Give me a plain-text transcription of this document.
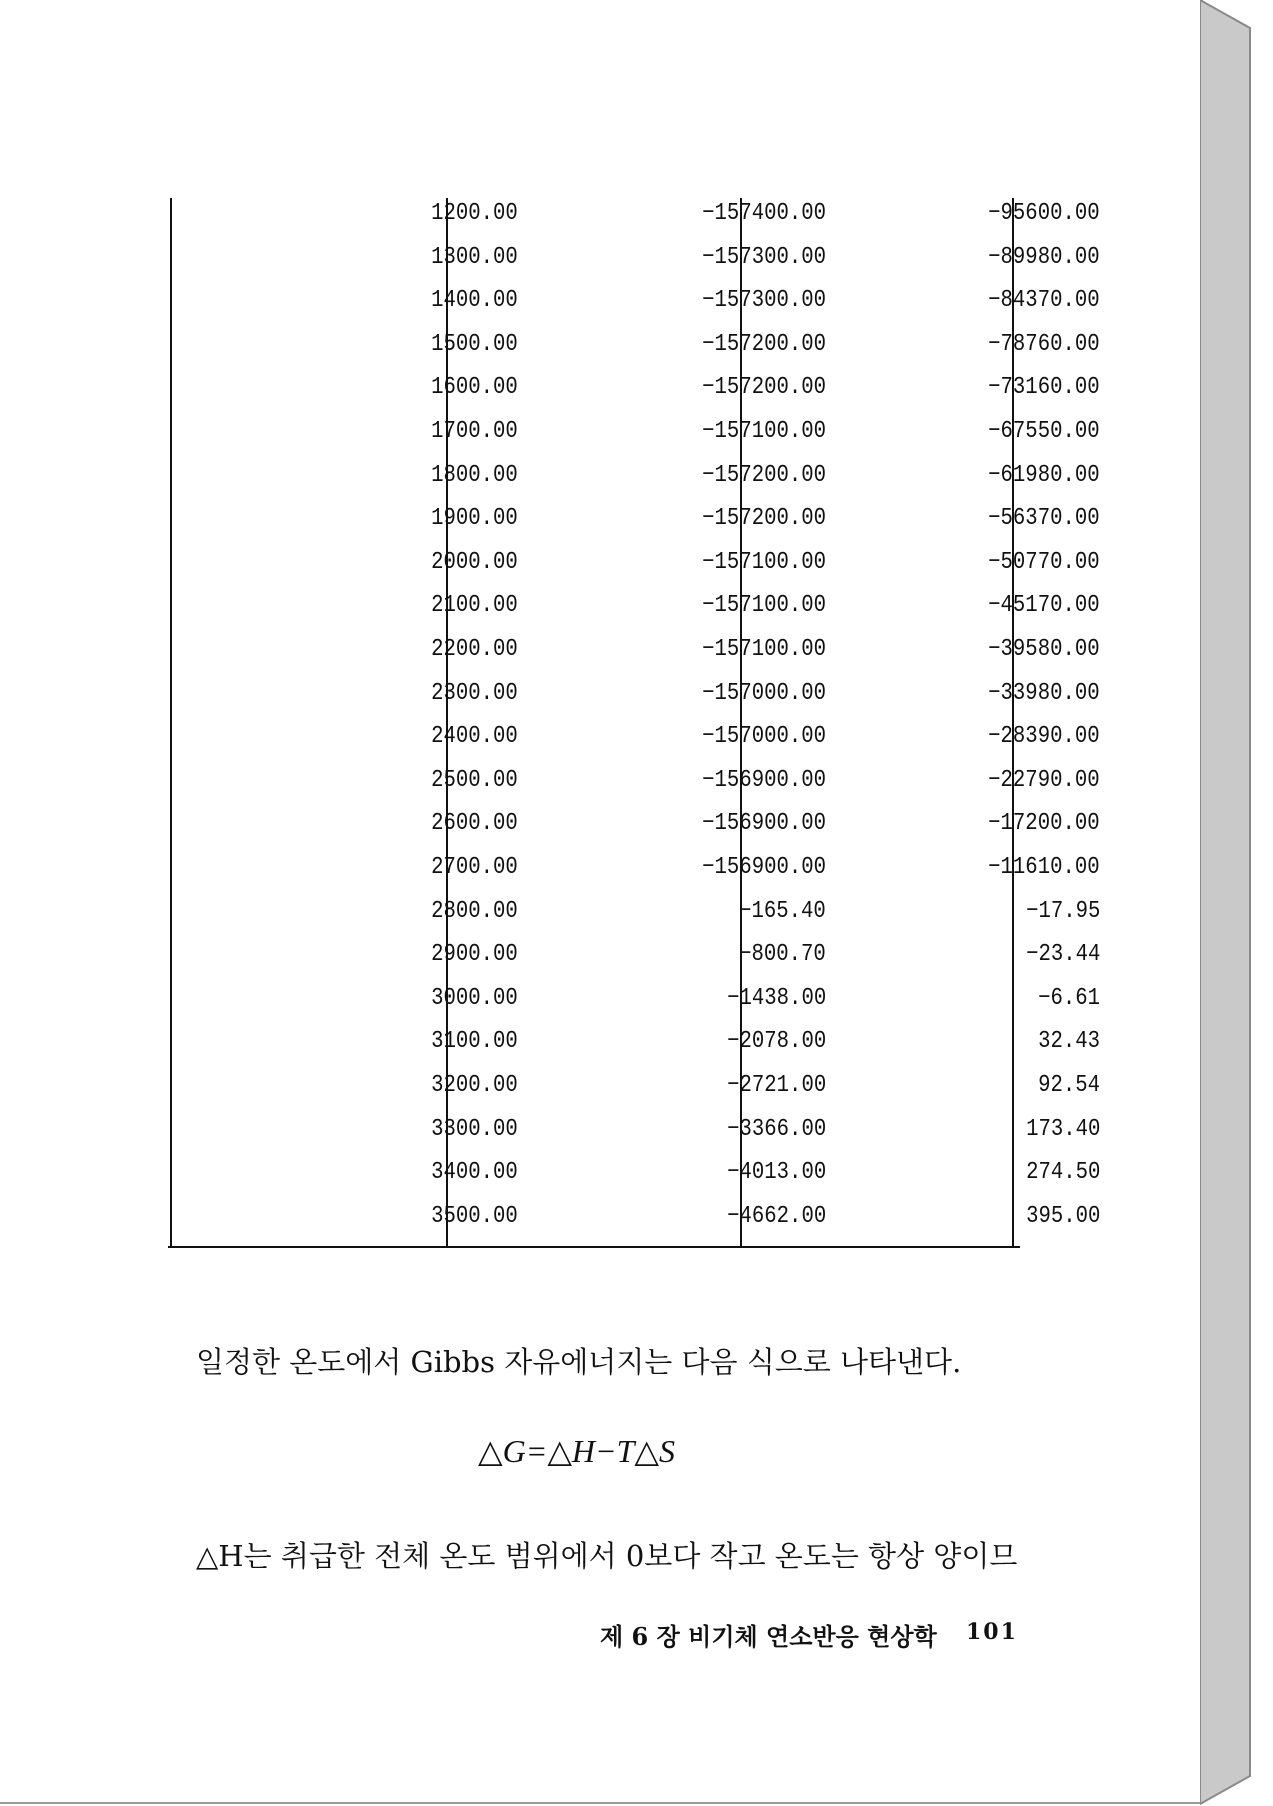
1200.00	−157400.00	−95600.00
1300.00	−157300.00	−89980.00
1400.00	−157300.00	−84370.00
1500.00	−157200.00	−78760.00
1600.00	−157200.00	−73160.00
1700.00	−157100.00	−67550.00
1800.00	−157200.00	−61980.00
1900.00	−157200.00	−56370.00
2000.00	−157100.00	−50770.00
2100.00	−157100.00	−45170.00
2200.00	−157100.00	−39580.00
2300.00	−157000.00	−33980.00
2400.00	−157000.00	−28390.00
2500.00	−156900.00	−22790.00
2600.00	−156900.00	−17200.00
2700.00	−156900.00	−11610.00
2800.00	−165.40	−17.95
2900.00	−800.70	−23.44
3000.00	−1438.00	−6.61
3100.00	−2078.00	32.43
3200.00	−2721.00	92.54
3300.00	−3366.00	173.40
3400.00	−4013.00	274.50
3500.00	−4662.00	395.00
일정한 온도에서 Gibbs 자유에너지는 다음 식으로 나타낸다.
△G=△H−T△S
△H는 취급한 전체 온도 범위에서 0보다 작고 온도는 항상 양이므
제 6 장 비기체 연소반응 현상학 101
